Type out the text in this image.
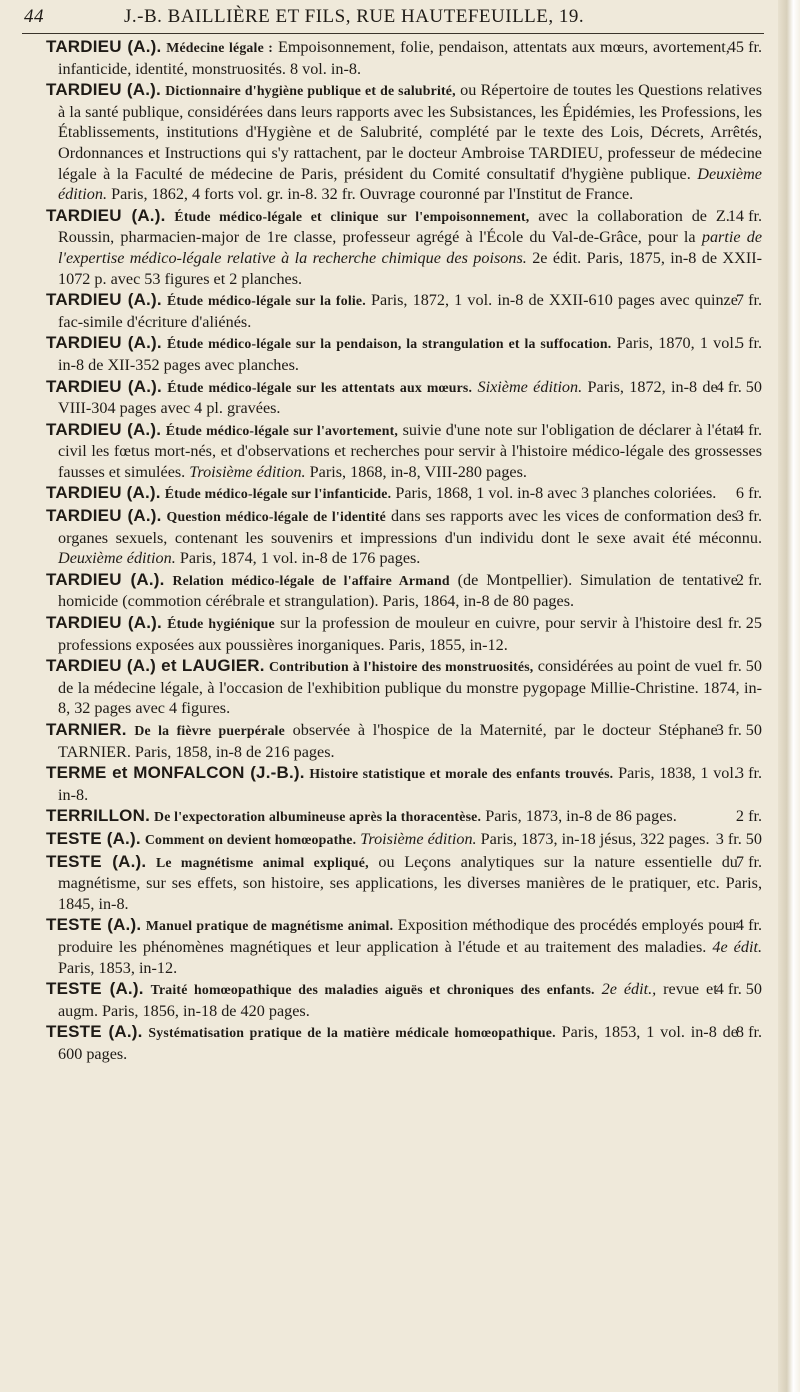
44	J.-B. BAILLIÈRE ET FILS, RUE HAUTEFEUILLE, 19.
45 fr.
TARDIEU (A.). Médecine légale : Empoisonnement, folie, pendaison, attentats aux mœurs, avortement, infanticide, identité, monstruosités. 8 vol. in-8.
TARDIEU (A.). Dictionnaire d'hygiène publique et de salubrité, ou Répertoire de toutes les Questions relatives à la santé publique, considérées dans leurs rapports avec les Subsistances, les Épidémies, les Professions, les Établissements, institutions d'Hygiène et de Salubrité, complété par le texte des Lois, Décrets, Arrêtés, Ordonnances et Instructions qui s'y rattachent, par le docteur Ambroise TARDIEU, professeur de médecine légale à la Faculté de médecine de Paris, président du Comité consultatif d'hygiène publique. Deuxième édition. Paris, 1862, 4 forts vol. gr. in-8. 32 fr. Ouvrage couronné par l'Institut de France.
14 fr.
TARDIEU (A.). Étude médico-légale et clinique sur l'empoisonnement, avec la collaboration de Z. Roussin, pharmacien-major de 1re classe, professeur agrégé à l'École du Val-de-Grâce, pour la partie de l'expertise médico-légale relative à la recherche chimique des poisons. 2e édit. Paris, 1875, in-8 de XXII-1072 p. avec 53 figures et 2 planches.
7 fr.
TARDIEU (A.). Étude médico-légale sur la folie. Paris, 1872, 1 vol. in-8 de XXII-610 pages avec quinze fac-simile d'écriture d'aliénés.
5 fr.
TARDIEU (A.). Étude médico-légale sur la pendaison, la strangulation et la suffocation. Paris, 1870, 1 vol. in-8 de XII-352 pages avec planches.
4 fr. 50
TARDIEU (A.). Étude médico-légale sur les attentats aux mœurs. Sixième édition. Paris, 1872, in-8 de VIII-304 pages avec 4 pl. gravées.
4 fr.
TARDIEU (A.). Étude médico-légale sur l'avortement, suivie d'une note sur l'obligation de déclarer à l'état civil les fœtus mort-nés, et d'observations et recherches pour servir à l'histoire médico-légale des grossesses fausses et simulées. Troisième édition. Paris, 1868, in-8, VIII-280 pages.
6 fr.
TARDIEU (A.). Étude médico-légale sur l'infanticide. Paris, 1868, 1 vol. in-8 avec 3 planches coloriées.
3 fr.
TARDIEU (A.). Question médico-légale de l'identité dans ses rapports avec les vices de conformation des organes sexuels, contenant les souvenirs et impressions d'un individu dont le sexe avait été méconnu. Deuxième édition. Paris, 1874, 1 vol. in-8 de 176 pages.
2 fr.
TARDIEU (A.). Relation médico-légale de l'affaire Armand (de Montpellier). Simulation de tentative homicide (commotion cérébrale et strangulation). Paris, 1864, in-8 de 80 pages.
1 fr. 25
TARDIEU (A.). Étude hygiénique sur la profession de mouleur en cuivre, pour servir à l'histoire des professions exposées aux poussières inorganiques. Paris, 1855, in-12.
1 fr. 50
TARDIEU (A.) et LAUGIER. Contribution à l'histoire des monstruosités, considérées au point de vue de la médecine légale, à l'occasion de l'exhibition publique du monstre pygopage Millie-Christine. 1874, in-8, 32 pages avec 4 figures.
3 fr. 50
TARNIER. De la fièvre puerpérale observée à l'hospice de la Maternité, par le docteur Stéphane TARNIER. Paris, 1858, in-8 de 216 pages.
3 fr.
TERME et MONFALCON (J.-B.). Histoire statistique et morale des enfants trouvés. Paris, 1838, 1 vol. in-8.
2 fr.
TERRILLON. De l'expectoration albumineuse après la thoracentèse. Paris, 1873, in-8 de 86 pages.
3 fr. 50
TESTE (A.). Comment on devient homœopathe. Troisième édition. Paris, 1873, in-18 jésus, 322 pages.
7 fr.
TESTE (A.). Le magnétisme animal expliqué, ou Leçons analytiques sur la nature essentielle du magnétisme, sur ses effets, son histoire, ses applications, les diverses manières de le pratiquer, etc. Paris, 1845, in-8.
4 fr.
TESTE (A.). Manuel pratique de magnétisme animal. Exposition méthodique des procédés employés pour produire les phénomènes magnétiques et leur application à l'étude et au traitement des maladies. 4e édit. Paris, 1853, in-12.
4 fr. 50
TESTE (A.). Traité homœopathique des maladies aiguës et chroniques des enfants. 2e édit., revue et augm. Paris, 1856, in-18 de 420 pages.
8 fr.
TESTE (A.). Systématisation pratique de la matière médicale homœopathique. Paris, 1853, 1 vol. in-8 de 600 pages.
